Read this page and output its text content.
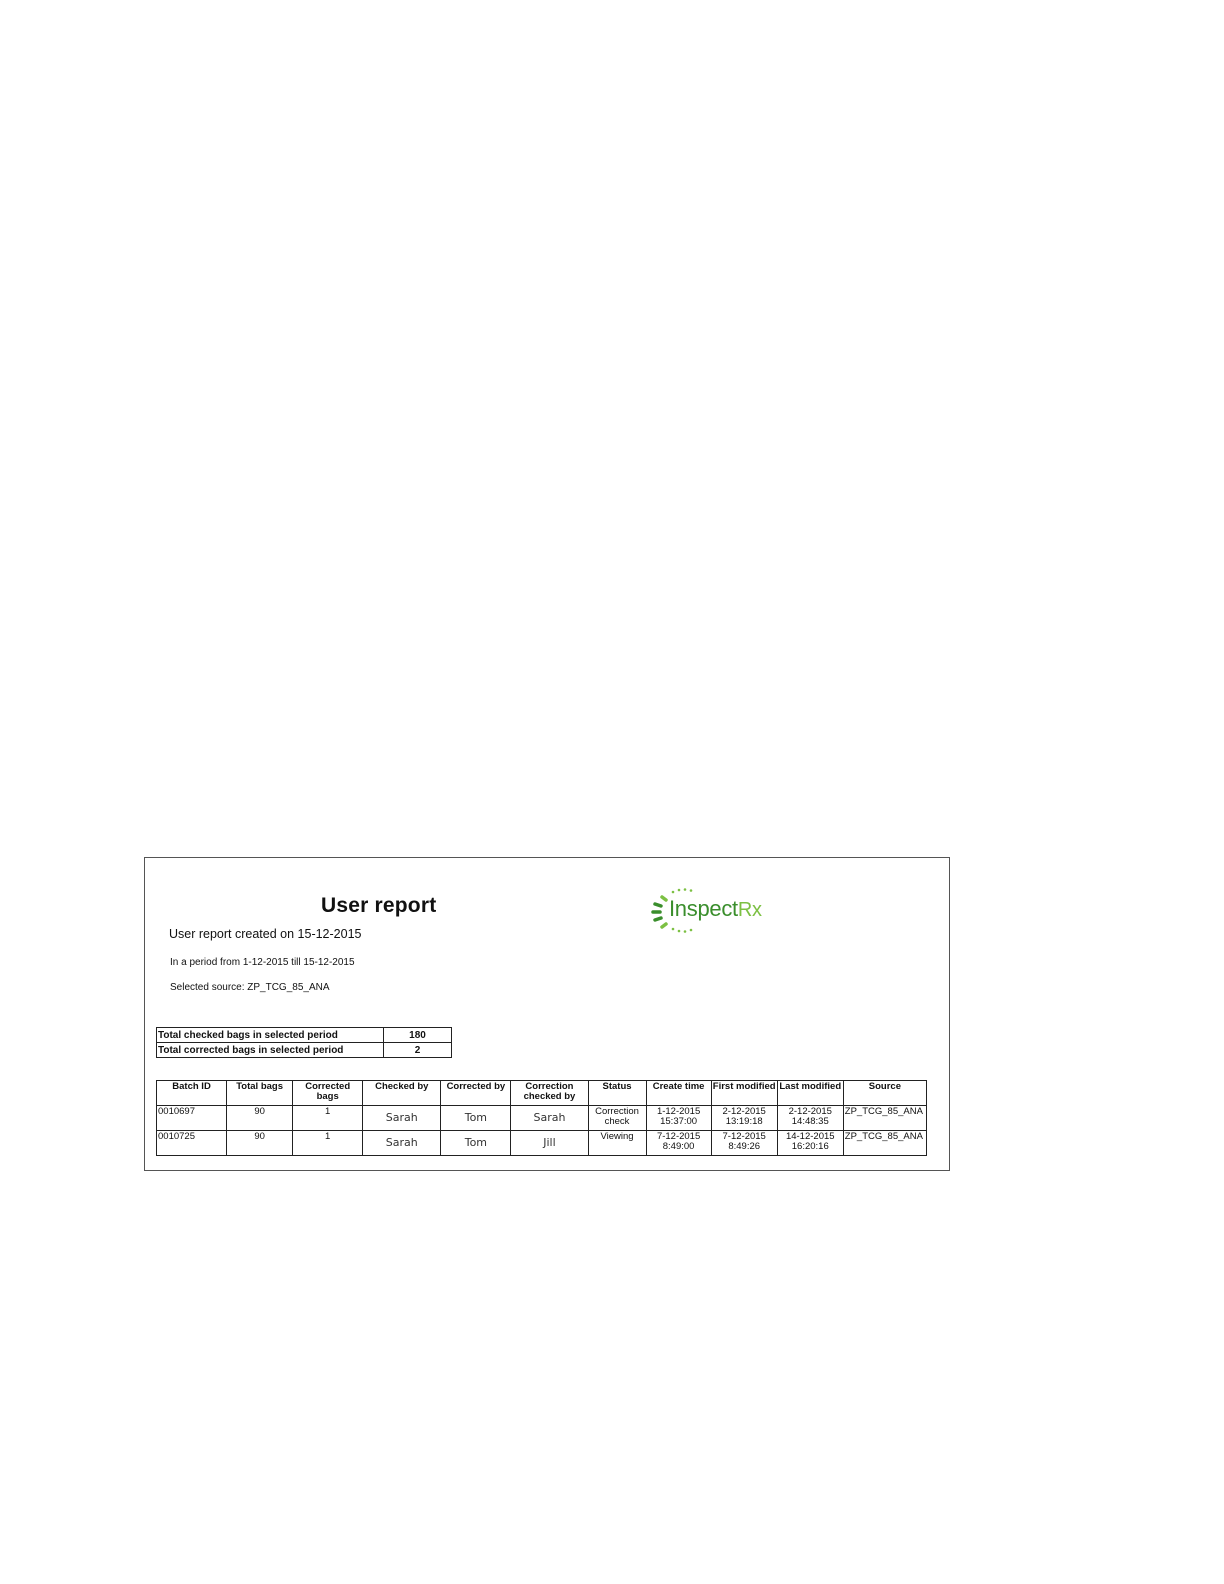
User report
User report created on 15-12-2015
In a period from 1-12-2015 till 15-12-2015
Selected source: ZP_TCG_85_ANA
InspectRx
Total checked bags in selected period	180
Total corrected bags in selected period	2
Batch ID	Total bags	Corrected bags	Checked by	Corrected by	Correction checked by	Status	Create time	First modified	Last modified	Source
0010697	90	1	Sarah	Tom	Sarah	Correction check	1-12-2015 15:37:00	2-12-2015 13:19:18	2-12-2015 14:48:35	ZP_TCG_85_ANA
0010725	90	1	Sarah	Tom	Jill	Viewing	7-12-2015 8:49:00	7-12-2015 8:49:26	14-12-2015 16:20:16	ZP_TCG_85_ANA
